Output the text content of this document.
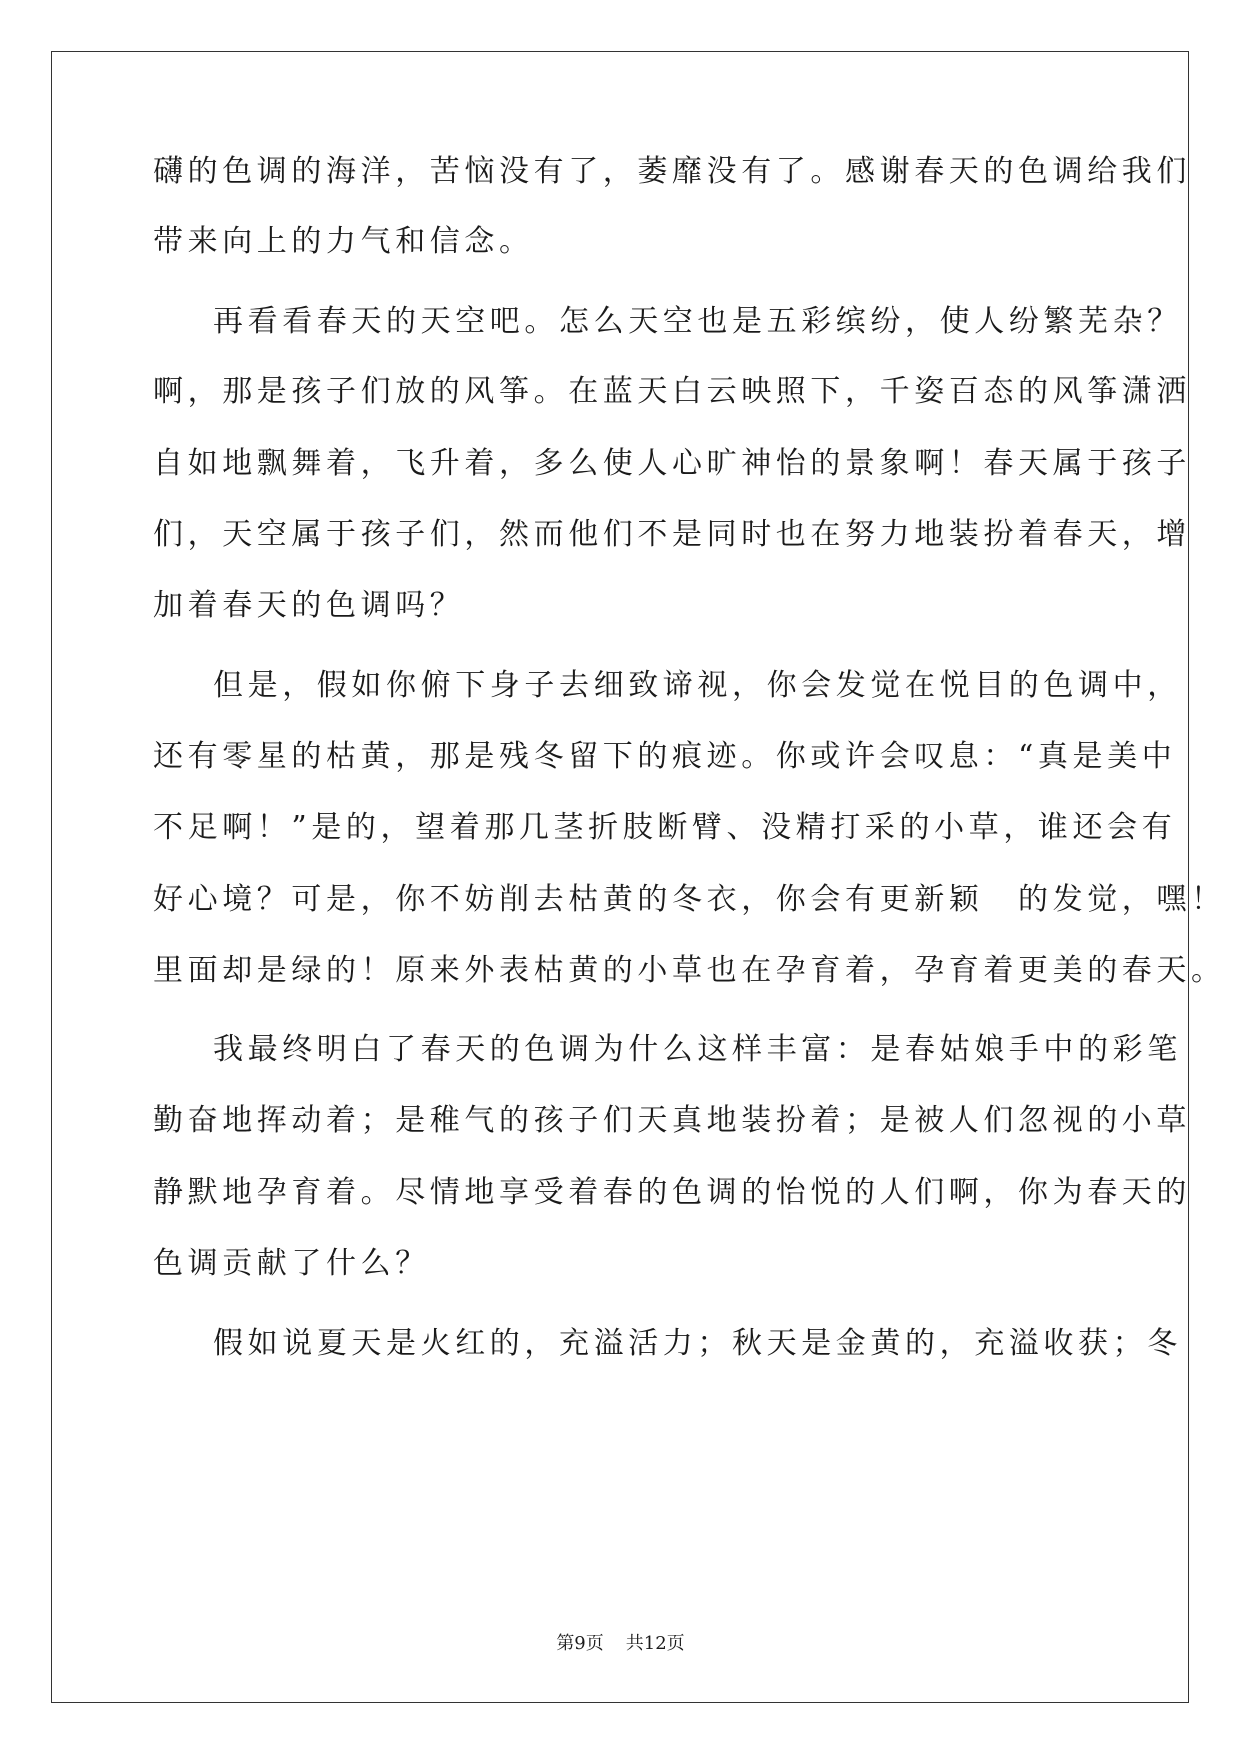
礴的色调的海洋，苦恼没有了，萎靡没有了。感谢春天的色调给我们

带来向上的力气和信念。

再看看春天的天空吧。怎么天空也是五彩缤纷，使人纷繁芜杂？

啊，那是孩子们放的风筝。在蓝天白云映照下，千姿百态的风筝潇洒

自如地飘舞着，飞升着，多么使人心旷神怡的景象啊！春天属于孩子

们，天空属于孩子们，然而他们不是同时也在努力地装扮着春天，增

加着春天的色调吗？

但是，假如你俯下身子去细致谛视，你会发觉在悦目的色调中，

还有零星的枯黄，那是残冬留下的痕迹。你或许会叹息：“真是美中

不足啊！”是的，望着那几茎折肢断臂、没精打采的小草，谁还会有

好心境？可是，你不妨削去枯黄的冬衣，你会有更新颖　的发觉，嘿！

里面却是绿的！原来外表枯黄的小草也在孕育着，孕育着更美的春天。

我最终明白了春天的色调为什么这样丰富：是春姑娘手中的彩笔

勤奋地挥动着；是稚气的孩子们天真地装扮着；是被人们忽视的小草

静默地孕育着。尽情地享受着春的色调的怡悦的人们啊，你为春天的

色调贡献了什么？

假如说夏天是火红的，充溢活力；秋天是金黄的，充溢收获；冬

第9页 共12页
